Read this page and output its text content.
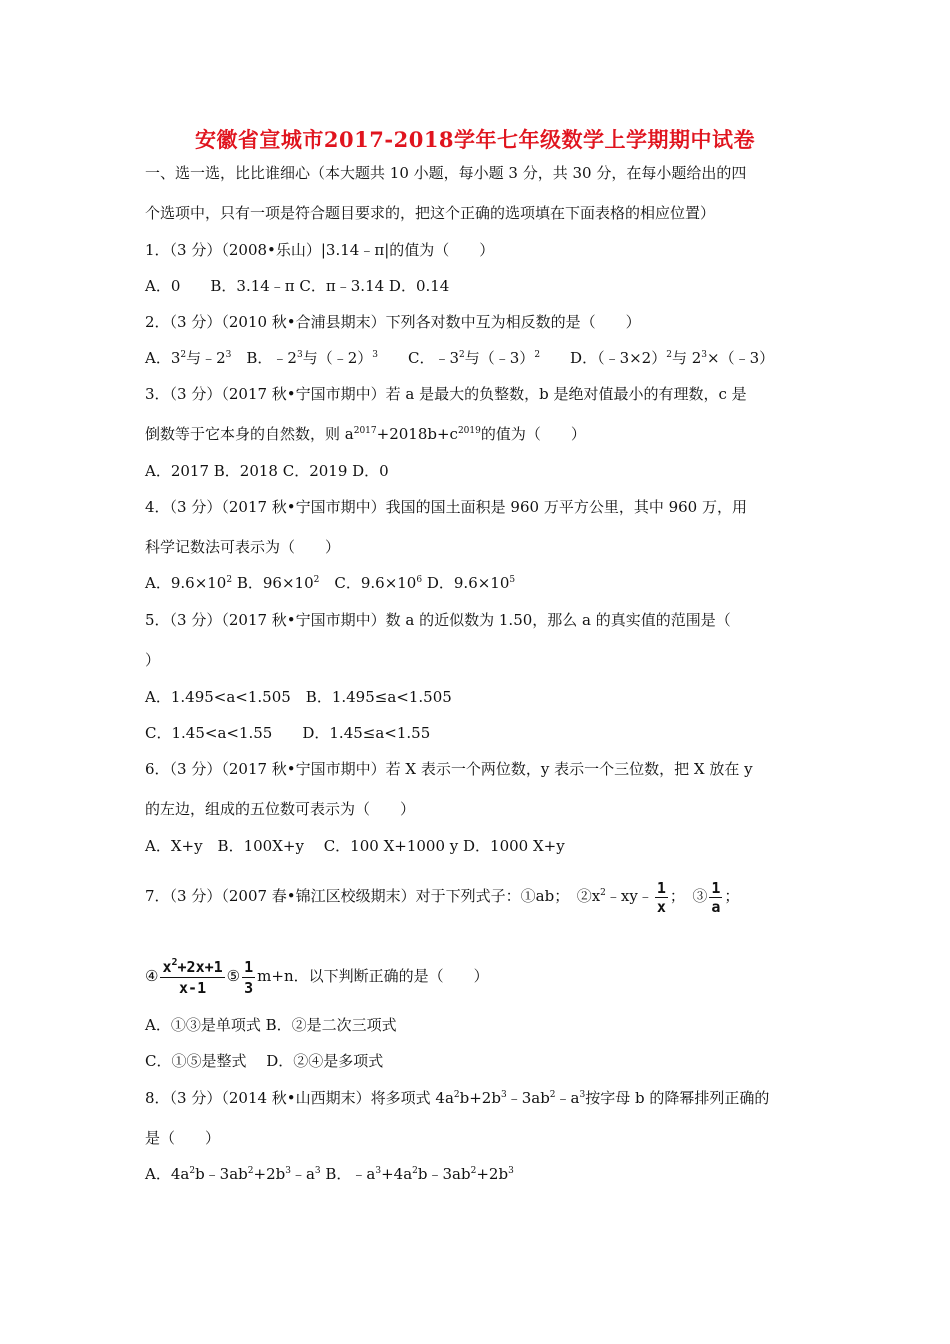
安徽省宣城市2017-2018学年七年级数学上学期期中试卷
一、选一选，比比谁细心（本大题共 10 小题，每小题 3 分，共 30 分，在每小题给出的四
个选项中，只有一项是符合题目要求的，把这个正确的选项填在下面表格的相应位置）
1．（3 分）（2008•乐山）|3.14﹣π|的值为（　　）
A．0　　B．3.14﹣π C．π﹣3.14 D．0.14
2．（3 分）（2010 秋•合浦县期末）下列各对数中互为相反数的是（　　）
A．$3^2$与$﹣2^3$　B．$﹣2^3$与（﹣2）$^3$　　C．$﹣3^2$与（﹣3）$^2$　　D．（﹣3×2）$^2$与 $2^3\times(﹣3)$
3．（3 分）（2017 秋•宁国市期中）若 a 是最大的负整数，b 是绝对值最小的有理数，c 是
倒数等于它本身的自然数，则 $a^{2017}+2018b+c^{2019}$的值为（　　）
A．2017 B．2018 C．2019 D．0
4．（3 分）（2017 秋•宁国市期中）我国的国土面积是 960 万平方公里，其中 960 万，用
科学记数法可表示为（　　）
A．$9.6\times 10^2$ B．$96\times 10^2$　C．$9.6\times 10^6$ D．$9.6\times 10^5$
5．（3 分）（2017 秋•宁国市期中）数 a 的近似数为 1.50，那么 a 的真实值的范围是（
）
A．1.495<a<1.505　B．1.495≤a<1.505
C．1.45<a<1.55　　D．1.45≤a<1.55
6．（3 分）（2017 秋•宁国市期中）若 X 表示一个两位数，y 表示一个三位数，把 X 放在 y
的左边，组成的五位数可表示为（　　）
A．X+y　B．100X+y　 C．100 X+1000 y D．1000 X+y
7．（3 分）（2007 春•锦江区校级期末）对于下列式子：①ab；　$②x^2﹣xy﹣ \frac{1}{x}$ ；　③ $\frac{1}{a}$ ；
④ $\frac{x^2+2x+1}{x-1}$ ⑤ $\frac{1}{3} m+n$．以下判断正确的是（　　）
A．①③是单项式 B．②是二次三项式
C．①⑤是整式　 D．②④是多项式
8．（3 分）（2014 秋•山西期末）将多项式 $4a^2b+2b^3﹣3ab^2﹣a^3$按字母 b 的降幂排列正确的
是（　　）
A．$4a^2b﹣3ab^2+2b^3﹣a^3$ B．$﹣a^3+4a^2b﹣3ab^2+2b^3$
